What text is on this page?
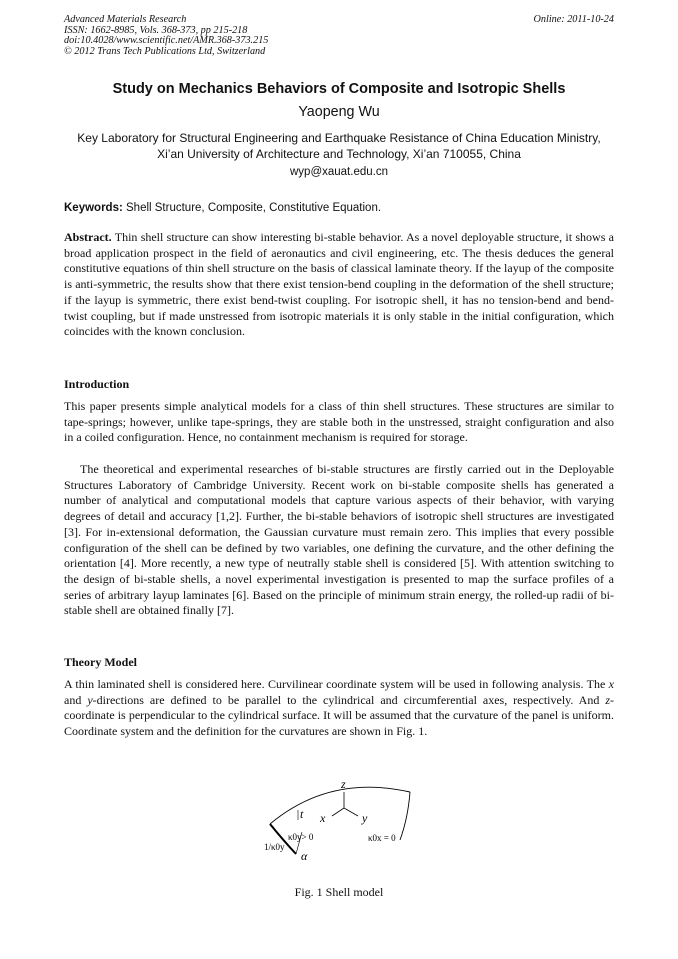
Advanced Materials Research
ISSN: 1662-8985, Vols. 368-373, pp 215-218
doi:10.4028/www.scientific.net/AMR.368-373.215
© 2012 Trans Tech Publications Ltd, Switzerland
Online: 2011-10-24
Study on Mechanics Behaviors of Composite and Isotropic Shells
Yaopeng Wu
Key Laboratory for Structural Engineering and Earthquake Resistance of China Education Ministry,
Xi’an University of Architecture and Technology, Xi’an 710055, China
wyp@xauat.edu.cn
Keywords: Shell Structure, Composite, Constitutive Equation.
Abstract. Thin shell structure can show interesting bi-stable behavior. As a novel deployable structure, it shows a broad application prospect in the field of aeronautics and civil engineering, etc. The thesis deduces the general constitutive equations of thin shell structure on the basis of classical laminate theory. If the layup of the composite is anti-symmetric, the results show that there exist tension-bend coupling in the deformation of the shell structure; if the layup is symmetric, there exist bend-twist coupling. For isotropic shell, it has no tension-bend and bend-twist coupling, but if made unstressed from isotropic materials it is only stable in the initial configuration, which coincides with the known conclusion.
Introduction
This paper presents simple analytical models for a class of thin shell structures. These structures are similar to tape-springs; however, unlike tape-springs, they are stable both in the unstressed, straight configuration and also in a coiled configuration. Hence, no containment mechanism is required for storage.
The theoretical and experimental researches of bi-stable structures are firstly carried out in the Deployable Structures Laboratory of Cambridge University. Recent work on bi-stable composite shells has generated a number of analytical and computational models that capture various aspects of their behavior, with varying degrees of detail and accuracy [1,2]. Further, the bi-stable behaviors of isotropic shell structures are investigated [3]. For in-extensional deformation, the Gaussian curvature must remain zero. This implies that every possible configuration of the shell can be defined by two variables, one defining the curvature, and the other defining the orientation [4]. More recently, a new type of neutrally stable shell is considered [5]. With attention switching to the design of bi-stable shells, a novel experimental investigation is presented to map the surface profiles of a series of arbitrary layup laminates [6]. Based on the principle of minimum strain energy, the rolled-up radii of bi-stable shell are obtained finally [7].
Theory Model
A thin laminated shell is considered here. Curvilinear coordinate system will be used in following analysis. The x and y-directions are defined to be parallel to the cylindrical and circumferential axes, respectively. And z-coordinate is perpendicular to the cylindrical surface. It will be assumed that the curvature of the panel is uniform. Coordinate system and the definition for the curvatures are shown in Fig. 1.
z
x	y
t
κ0y> 0	κ0x = 0
1/κ0y
α
Fig. 1 Shell model
